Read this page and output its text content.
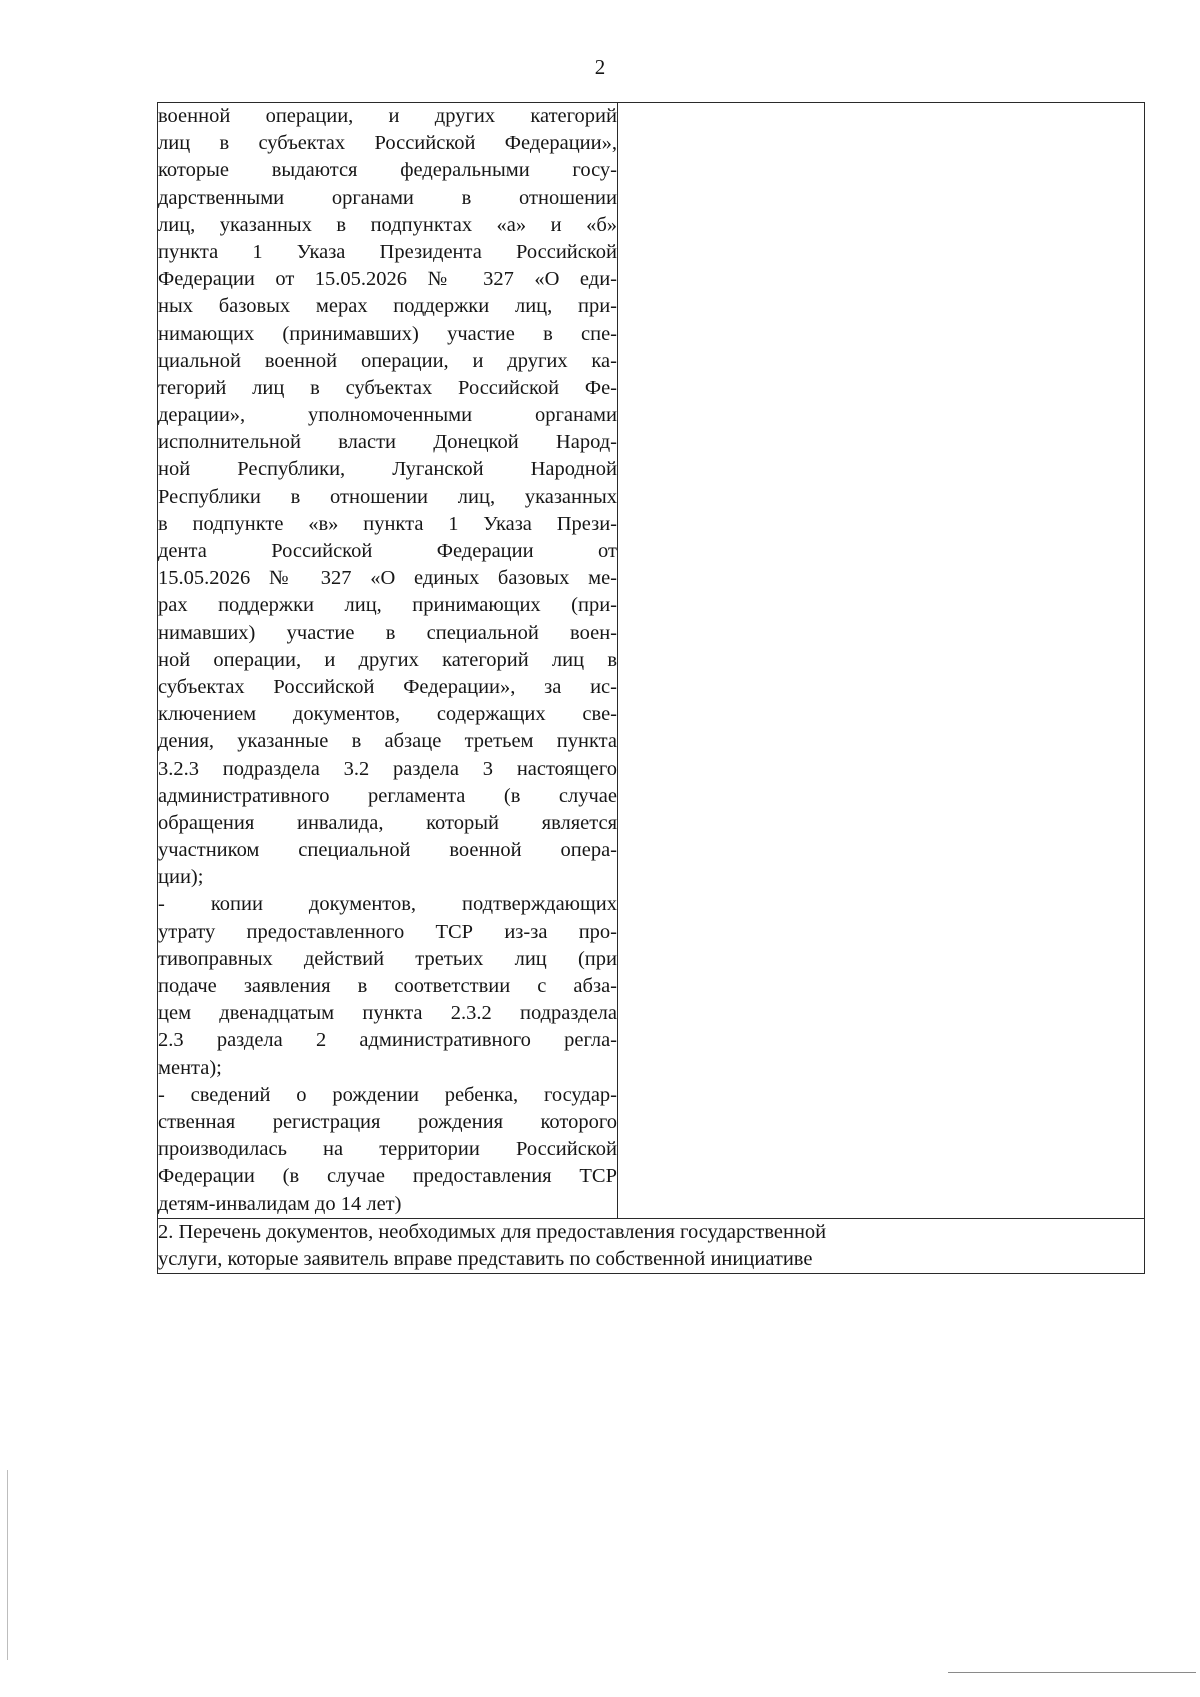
2
военной операции, и других категорий
лиц в субъектах Российской Федерации»,
которые выдаются федеральными госу-
дарственными органами в отношении
лиц, указанных в подпунктах «а» и «б»
пункта 1 Указа Президента Российской
Федерации от 15.05.2026 № 327 «О еди-
ных базовых мерах поддержки лиц, при-
нимающих (принимавших) участие в спе-
циальной военной операции, и других ка-
тегорий лиц в субъектах Российской Фе-
дерации», уполномоченными органами
исполнительной власти Донецкой Народ-
ной Республики, Луганской Народной
Республики в отношении лиц, указанных
в подпункте «в» пункта 1 Указа Прези-
дента Российской Федерации от
15.05.2026 № 327 «О единых базовых ме-
рах поддержки лиц, принимающих (при-
нимавших) участие в специальной воен-
ной операции, и других категорий лиц в
субъектах Российской Федерации», за ис-
ключением документов, содержащих све-
дения, указанные в абзаце третьем пункта
3.2.3 подраздела 3.2 раздела 3 настоящего
административного регламента (в случае
обращения инвалида, который является
участником специальной военной опера-
ции);
- копии документов, подтверждающих
утрату предоставленного ТСР из-за про-
тивоправных действий третьих лиц (при
подаче заявления в соответствии с абза-
цем двенадцатым пункта 2.3.2 подраздела
2.3 раздела 2 административного регла-
мента);
- сведений о рождении ребенка, государ-
ственная регистрация рождения которого
производилась на территории Российской
Федерации (в случае предоставления ТСР
детям-инвалидам до 14 лет)

2. Перечень документов, необходимых для предоставления государственной
услуги, которые заявитель вправе представить по собственной инициативе
